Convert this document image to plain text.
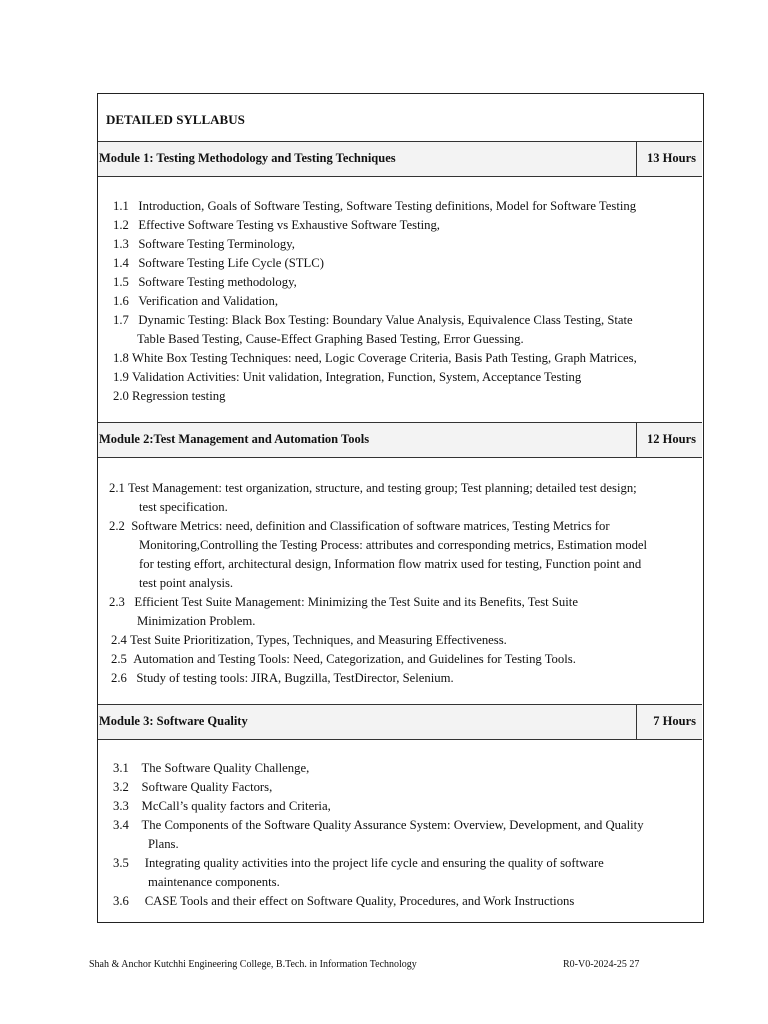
DETAILED SYLLABUS
Module 1: Testing Methodology and Testing Techniques	13 Hours
1.1 Introduction, Goals of Software Testing, Software Testing definitions, Model for Software Testing
1.2 Effective Software Testing vs Exhaustive Software Testing,
1.3 Software Testing Terminology,
1.4 Software Testing Life Cycle (STLC)
1.5 Software Testing methodology,
1.6 Verification and Validation,
1.7 Dynamic Testing: Black Box Testing: Boundary Value Analysis, Equivalence Class Testing, State
Table Based Testing, Cause-Effect Graphing Based Testing, Error Guessing.
1.8 White Box Testing Techniques: need, Logic Coverage Criteria, Basis Path Testing, Graph Matrices,
1.9 Validation Activities: Unit validation, Integration, Function, System, Acceptance Testing
2.0 Regression testing
Module 2:Test Management and Automation Tools	12 Hours
2.1 Test Management: test organization, structure, and testing group; Test planning; detailed test design;
test specification.
2.2 Software Metrics: need, definition and Classification of software matrices, Testing Metrics for
Monitoring,Controlling the Testing Process: attributes and corresponding metrics, Estimation model
for testing effort, architectural design, Information flow matrix used for testing, Function point and
test point analysis.
2.3 Efficient Test Suite Management: Minimizing the Test Suite and its Benefits, Test Suite
Minimization Problem.
2.4 Test Suite Prioritization, Types, Techniques, and Measuring Effectiveness.
2.5 Automation and Testing Tools: Need, Categorization, and Guidelines for Testing Tools.
2.6 Study of testing tools: JIRA, Bugzilla, TestDirector, Selenium.
Module 3: Software Quality	7 Hours
3.1 The Software Quality Challenge,
3.2 Software Quality Factors,
3.3 McCall’s quality factors and Criteria,
3.4 The Components of the Software Quality Assurance System: Overview, Development, and Quality
Plans.
3.5 Integrating quality activities into the project life cycle and ensuring the quality of software
maintenance components.
3.6 CASE Tools and their effect on Software Quality, Procedures, and Work Instructions
Shah & Anchor Kutchhi Engineering College, B.Tech. in Information Technology	R0-V0-2024-25 27
